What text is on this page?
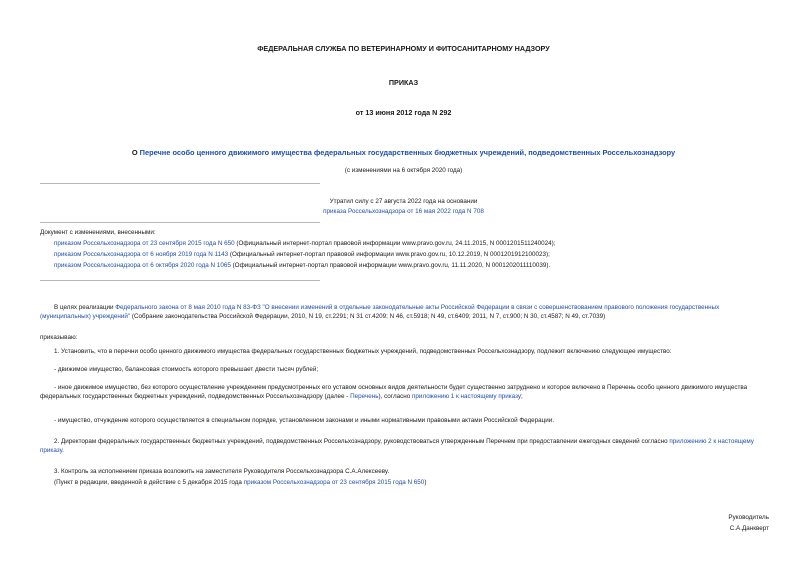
ФЕДЕРАЛЬНАЯ СЛУЖБА ПО ВЕТЕРИНАРНОМУ И ФИТОСАНИТАРНОМУ НАДЗОРУ
ПРИКАЗ
от 13 июня 2012 года N 292
О Перечне особо ценного движимого имущества федеральных государственных бюджетных учреждений, подведомственных Россельхознадзору
(с изменениями на 6 октября 2020 года)
Утратил силу с 27 августа 2022 года на основании
приказа Россельхознадзора от 16 мая 2022 года N 708
Документ с изменениями, внесенными:
приказом Россельхознадзора от 23 сентября 2015 года N 650 (Официальный интернет-портал правовой информации www.pravo.gov.ru, 24.11.2015, N 0001201511240024);
приказом Россельхознадзора от 6 ноября 2019 года N 1143 (Официальный интернет-портал правовой информации www.pravo.gov.ru, 10.12.2019, N 0001201912100023);
приказом Россельхознадзора от 6 октября 2020 года N 1065 (Официальный интернет-портал правовой информации www.pravo.gov.ru, 11.11.2020, N 0001202011110039).
В целях реализации Федерального закона от 8 мая 2010 года N 83-ФЗ "О внесении изменений в отдельные законодательные акты Российской Федерации в связи с совершенствованием правового положения государственных (муниципальных) учреждений" (Собрание законодательства Российской Федерации, 2010, N 19, ст.2291; N 31 ст.4209; N 46, ст.5918; N 49, ст.6409; 2011, N 7, ст.900; N 30, ст.4587; N 49, ст.7039)
приказываю:
1. Установить, что в перечни особо ценного движимого имущества федеральных государственных бюджетных учреждений, подведомственных Россельхознадзору, подлежит включению следующее имущество:
- движимое имущество, балансовая стоимость которого превышает двести тысяч рублей;
- иное движимое имущество, без которого осуществление учреждением предусмотренных его уставом основных видов деятельности будет существенно затруднено и которое включено в Перечень особо ценного движимого имущества федеральных государственных бюджетных учреждений, подведомственных Россельхознадзору (далее - Перечень), согласно приложению 1 к настоящему приказу;
- имущество, отчуждение которого осуществляется в специальном порядке, установленном законами и иными нормативными правовыми актами Российской Федерации.
2. Директорам федеральных государственных бюджетных учреждений, подведомственных Россельхознадзору, руководствоваться утвержденным Перечнем при предоставлении ежегодных сведений согласно приложению 2 к настоящему приказу.
3. Контроль за исполнением приказа возложить на заместителя Руководителя Россельхознадзора С.А.Алексееву.
(Пункт в редакции, введенной в действие с 5 декабря 2015 года приказом Россельхознадзора от 23 сентября 2015 года N 650)
Руководитель
С.А.Данкверт
